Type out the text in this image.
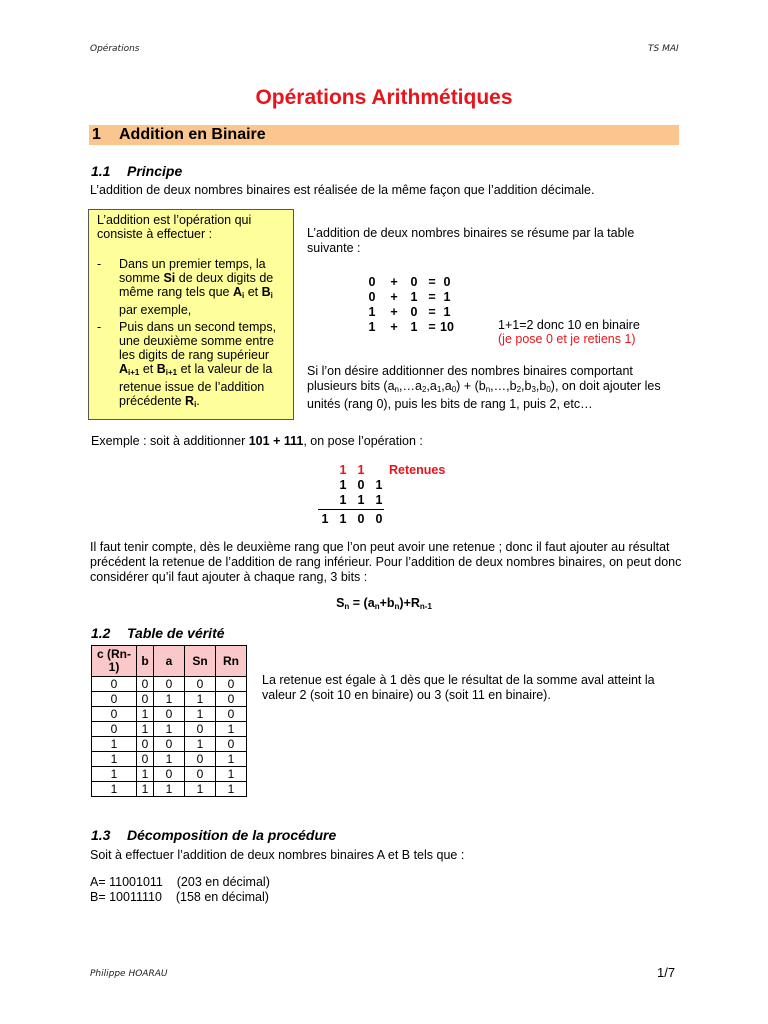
Opérations	TS MAI
Opérations Arithmétiques
1 Addition en Binaire
1.1 Principe
L’addition de deux nombres binaires est réalisée de la même façon que l’addition décimale.
L’addition est l’opération qui consiste à effectuer :
- Dans un premier temps, la somme Si de deux digits de même rang tels que $A_i$ et $B_i$ par exemple,
- Puis dans un second temps, une deuxième somme entre les digits de rang supérieur $A_{i+1}$ et $B_{i+1}$ et la valeur de la retenue issue de l’addition précédente $R_i$.
L’addition de deux nombres binaires se résume par la table suivante :
0 + 0 = 0
0 + 1 = 1
1 + 0 = 1
1 + 1 = 10	1+1=2 donc 10 en binaire
(je pose 0 et je retiens 1)
Si l’on désire additionner des nombres binaires comportant plusieurs bits $(a_n,\dots a_2,a_1,a_0)$ + $(b_n,\dots,b_2,b_3,b_0)$, on doit ajouter les unités (rang 0), puis les bits de rang 1, puis 2, etc…
Exemple : soit à additionner 101 + 111, on pose l’opération :
1 1
1 0 1
1 1 1
1 1 0 0
Retenues
Il faut tenir compte, dès le deuxième rang que l’on peut avoir une retenue ; donc il faut ajouter au résultat précédent la retenue de l’addition de rang inférieur. Pour l’addition de deux nombres binaires, on peut donc considérer qu’il faut ajouter à chaque rang, 3 bits :
$S_n = (a_n+b_n)+R_{n-1}$
1.2 Table de vérité
c (Rn-1)	b	a	Sn	Rn
0	0	0	0	0
0	0	1	1	0
0	1	0	1	0
0	1	1	0	1
1	0	0	1	0
1	0	1	0	1
1	1	0	0	1
1	1	1	1	1
La retenue est égale à 1 dès que le résultat de la somme aval atteint la valeur 2 (soit 10 en binaire) ou 3 (soit 11 en binaire).
1.3 Décomposition de la procédure
Soit à effectuer l’addition de deux nombres binaires A et B tels que :
A= 11001011    (203 en décimal)
B= 10011110    (158 en décimal)
Philippe HOARAU	1/7
